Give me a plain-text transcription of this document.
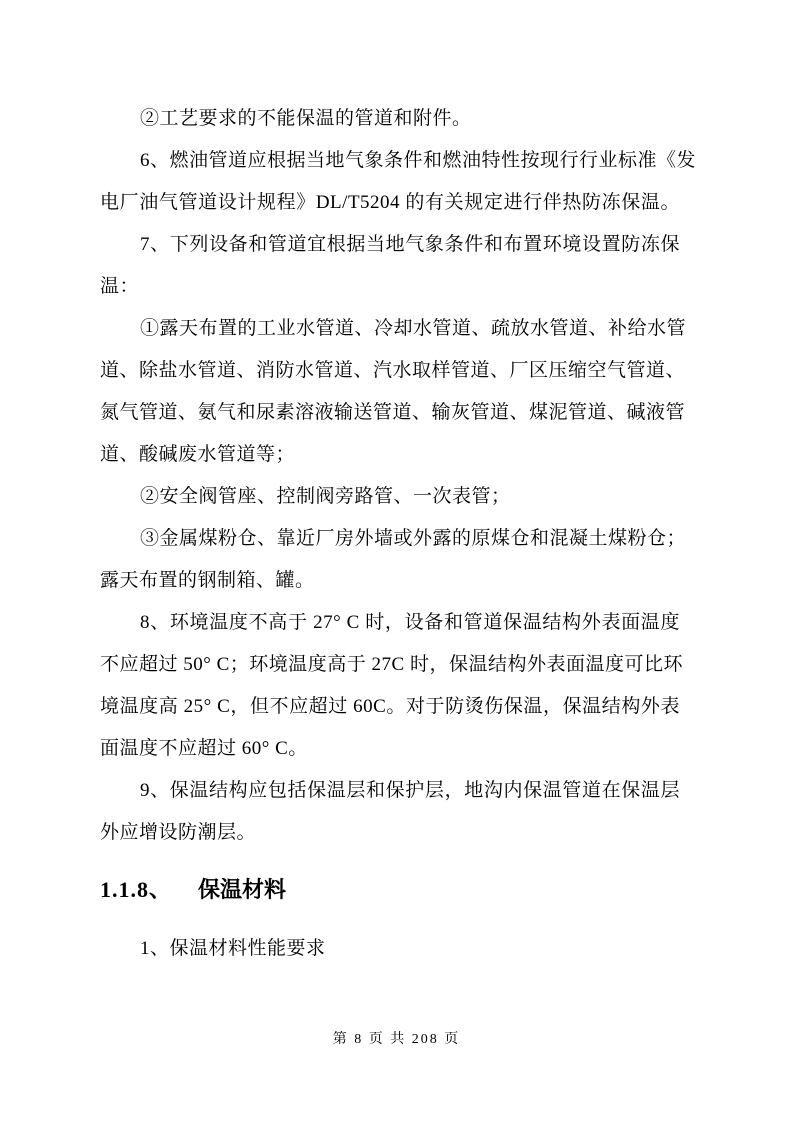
②工艺要求的不能保温的管道和附件。
6、燃油管道应根据当地气象条件和燃油特性按现行行业标准《发
电厂油气管道设计规程》DL/T5204 的有关规定进行伴热防冻保温。
7、下列设备和管道宜根据当地气象条件和布置环境设置防冻保
温：
①露天布置的工业水管道、冷却水管道、疏放水管道、补给水管
道、除盐水管道、消防水管道、汽水取样管道、厂区压缩空气管道、
氮气管道、氨气和尿素溶液输送管道、输灰管道、煤泥管道、碱液管
道、酸碱废水管道等；
②安全阀管座、控制阀旁路管、一次表管；
③金属煤粉仓、靠近厂房外墙或外露的原煤仓和混凝土煤粉仓；
露天布置的钢制箱、罐。
8、环境温度不高于 27° C 时，设备和管道保温结构外表面温度
不应超过 50° C；环境温度高于 27C 时，保温结构外表面温度可比环
境温度高 25° C，但不应超过 60C。对于防烫伤保温，保温结构外表
面温度不应超过 60° C。
9、保温结构应包括保温层和保护层，地沟内保温管道在保温层
外应增设防潮层。
1.1.8、 保温材料
1、保温材料性能要求
第 8 页 共 208 页
